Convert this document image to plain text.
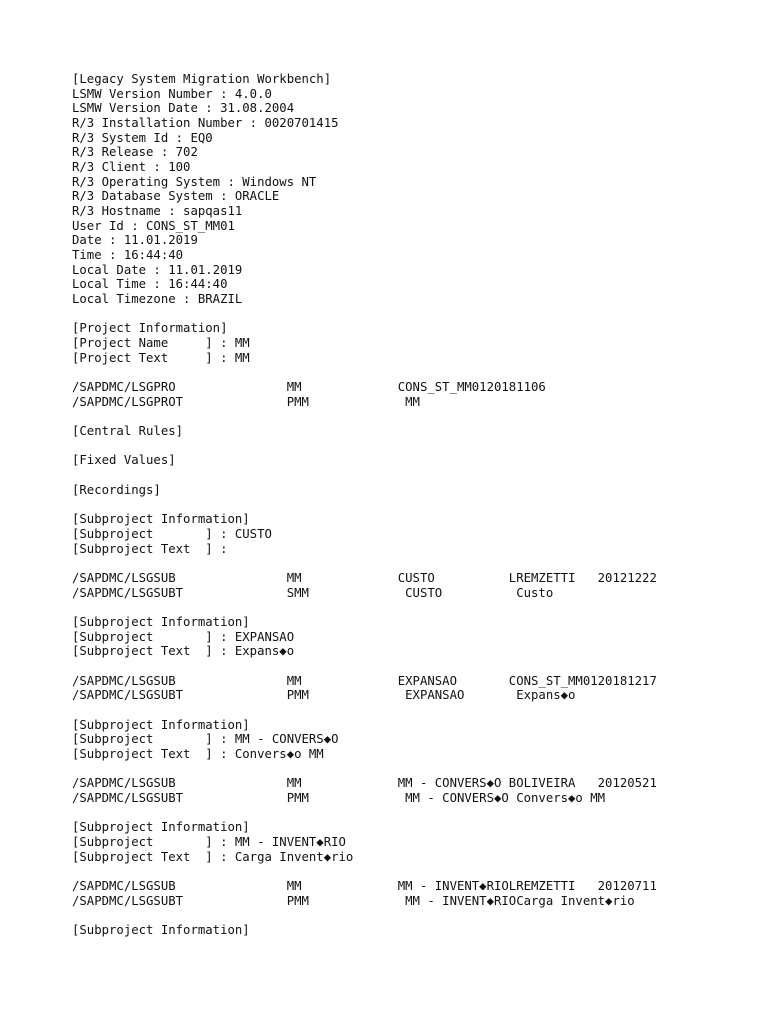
[Legacy System Migration Workbench]
LSMW Version Number : 4.0.0
LSMW Version Date : 31.08.2004
R/3 Installation Number : 0020701415
R/3 System Id : EQ0
R/3 Release : 702
R/3 Client : 100
R/3 Operating System : Windows NT
R/3 Database System : ORACLE
R/3 Hostname : sapqas11
User Id : CONS_ST_MM01
Date : 11.01.2019
Time : 16:44:40
Local Date : 11.01.2019
Local Time : 16:44:40
Local Timezone : BRAZIL
[Project Information]
[Project Name     ] : MM
[Project Text     ] : MM
/SAPDMC/LSGPRO               MM             CONS_ST_MM0120181106
/SAPDMC/LSGPROT              PMM             MM
[Central Rules]
[Fixed Values]
[Recordings]
[Subproject Information]
[Subproject       ] : CUSTO
[Subproject Text  ] :
/SAPDMC/LSGSUB               MM             CUSTO          LREMZETTI   20121222
/SAPDMC/LSGSUBT              SMM             CUSTO          Custo
[Subproject Information]
[Subproject       ] : EXPANSAO
[Subproject Text  ] : Expans◆o
/SAPDMC/LSGSUB               MM             EXPANSAO       CONS_ST_MM0120181217
/SAPDMC/LSGSUBT              PMM             EXPANSAO       Expans◆o
[Subproject Information]
[Subproject       ] : MM - CONVERS◆O
[Subproject Text  ] : Convers◆o MM
/SAPDMC/LSGSUB               MM             MM - CONVERS◆O BOLIVEIRA   20120521
/SAPDMC/LSGSUBT              PMM             MM - CONVERS◆O Convers◆o MM
[Subproject Information]
[Subproject       ] : MM - INVENT◆RIO
[Subproject Text  ] : Carga Invent◆rio
/SAPDMC/LSGSUB               MM             MM - INVENT◆RIOLREMZETTI   20120711
/SAPDMC/LSGSUBT              PMM             MM - INVENT◆RIOCarga Invent◆rio
[Subproject Information]
